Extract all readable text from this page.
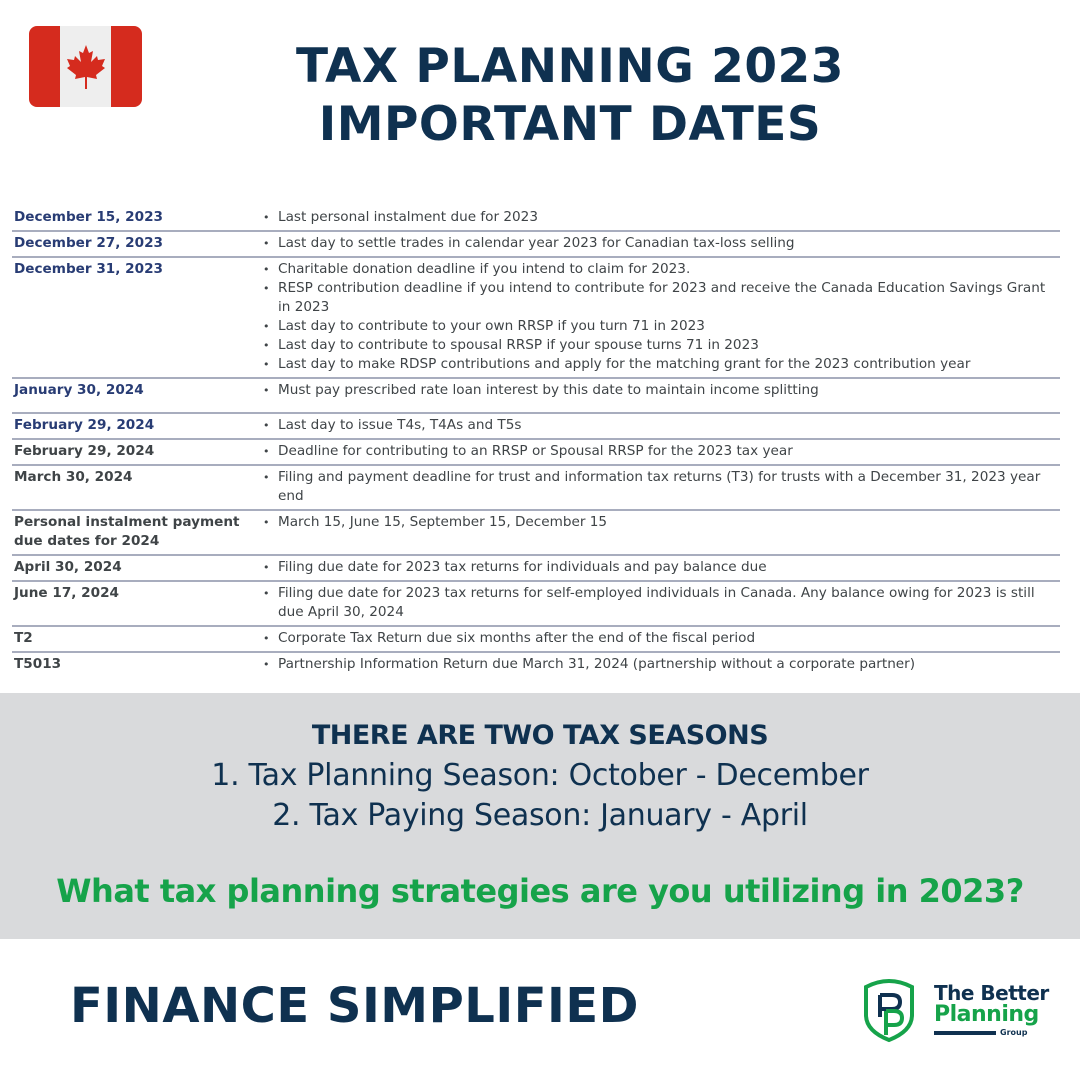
TAX PLANNING 2023
IMPORTANT DATES
December 15, 2023	• Last personal instalment due for 2023
December 27, 2023	• Last day to settle trades in calendar year 2023 for Canadian tax-loss selling
December 31, 2023	• Charitable donation deadline if you intend to claim for 2023.
• RESP contribution deadline if you intend to contribute for 2023 and receive the Canada Education Savings Grant in 2023
• Last day to contribute to your own RRSP if you turn 71 in 2023
• Last day to contribute to spousal RRSP if your spouse turns 71 in 2023
• Last day to make RDSP contributions and apply for the matching grant for the 2023 contribution year
January 30, 2024	• Must pay prescribed rate loan interest by this date to maintain income splitting
February 29, 2024	• Last day to issue T4s, T4As and T5s
February 29, 2024	• Deadline for contributing to an RRSP or Spousal RRSP for the 2023 tax year
March 30, 2024	• Filing and payment deadline for trust and information tax returns (T3) for trusts with a December 31, 2023 year end
Personal instalment payment due dates for 2024
• March 15, June 15, September 15, December 15
April 30, 2024	• Filing due date for 2023 tax returns for individuals and pay balance due
June 17, 2024	• Filing due date for 2023 tax returns for self-employed individuals in Canada. Any balance owing for 2023 is still due April 30, 2024
T2	• Corporate Tax Return due six months after the end of the fiscal period
T5013	• Partnership Information Return due March 31, 2024 (partnership without a corporate partner)
THERE ARE TWO TAX SEASONS
1. Tax Planning Season: October - December
2. Tax Paying Season: January - April
What tax planning strategies are you utilizing in 2023?
FINANCE SIMPLIFIED	The Better
Planning
Group
